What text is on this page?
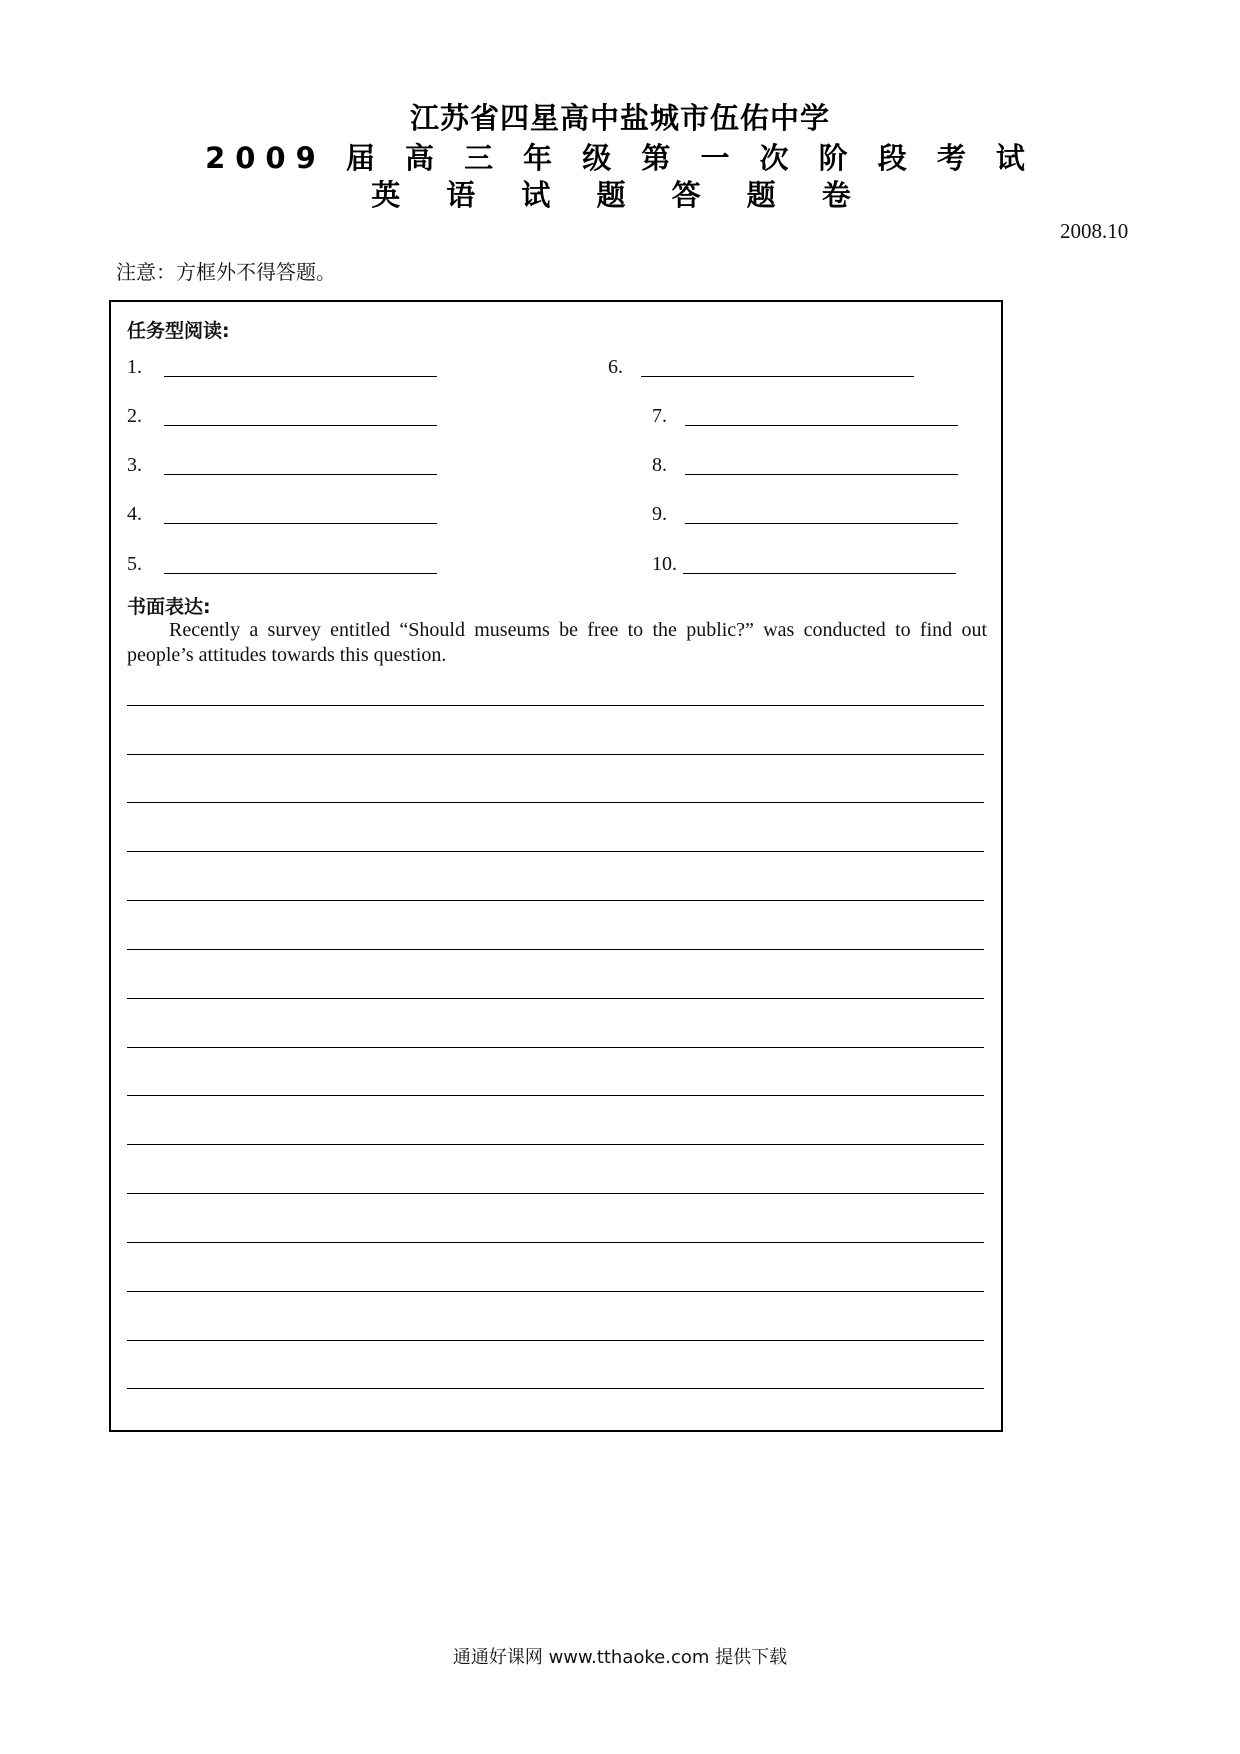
江苏省四星高中盐城市伍佑中学
2009 届 高 三 年 级 第 一 次 阶 段 考 试
英 语 试 题 答 题 卷
2008.10
注意：方框外不得答题。
任务型阅读:
1.
2.
3.
4.
5.
6.
7.
8.
9.
10.
书面表达:
Recently a survey entitled “Should museums be free to the public?” was conducted to find out people’s attitudes towards this question.
通通好课网 www.tthaoke.com 提供下载
